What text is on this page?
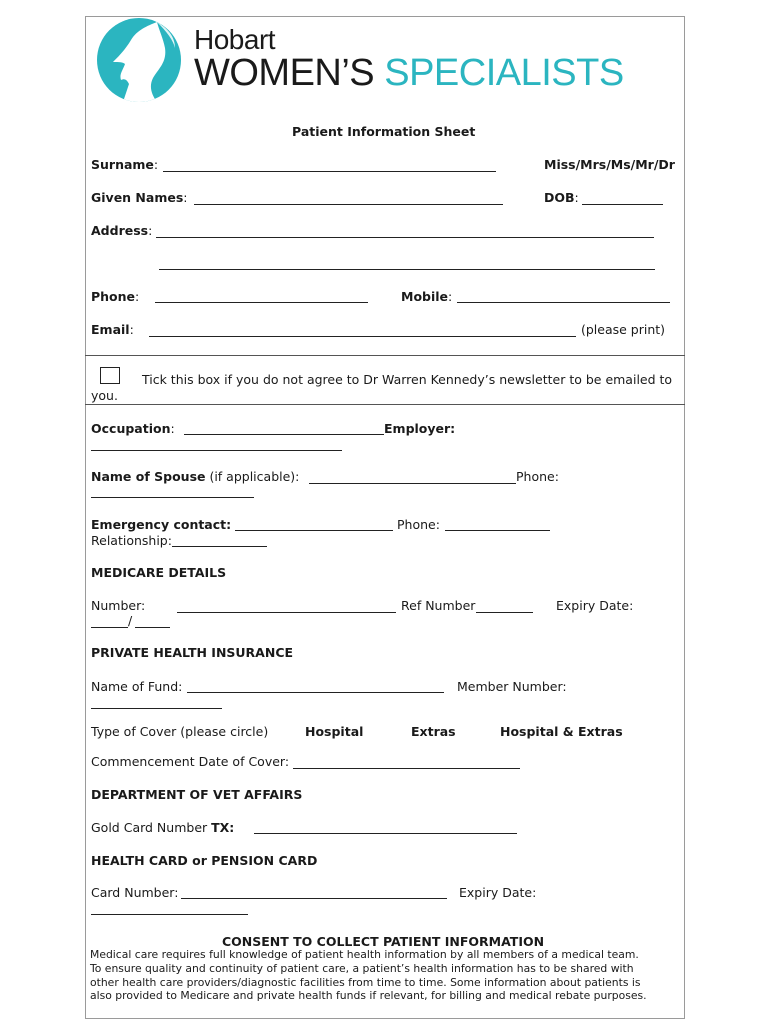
Hobart
WOMEN’S SPECIALISTS
Patient Information Sheet
Surname:	Miss/Mrs/Ms/Mr/Dr
Given Names:	DOB:
Address:
Phone:	Mobile:
Email:	(please print)
Tick this box if you do not agree to Dr Warren Kennedy’s newsletter to be emailed to
you.
Occupation:	Employer:
Name of Spouse (if applicable):	Phone:
Emergency contact:	Phone:
Relationship:
MEDICARE DETAILS
Number:	Ref Number	Expiry Date:
/
PRIVATE HEALTH INSURANCE
Name of Fund:	Member Number:
Type of Cover (please circle)	Hospital	Extras	Hospital & Extras
Commencement Date of Cover:
DEPARTMENT OF VET AFFAIRS
Gold Card Number TX:
HEALTH CARD or PENSION CARD
Card Number:	Expiry Date:
CONSENT TO COLLECT PATIENT INFORMATION
Medical care requires full knowledge of patient health information by all members of a medical team.
To ensure quality and continuity of patient care, a patient’s health information has to be shared with
other health care providers/diagnostic facilities from time to time. Some information about patients is
also provided to Medicare and private health funds if relevant, for billing and medical rebate purposes.
